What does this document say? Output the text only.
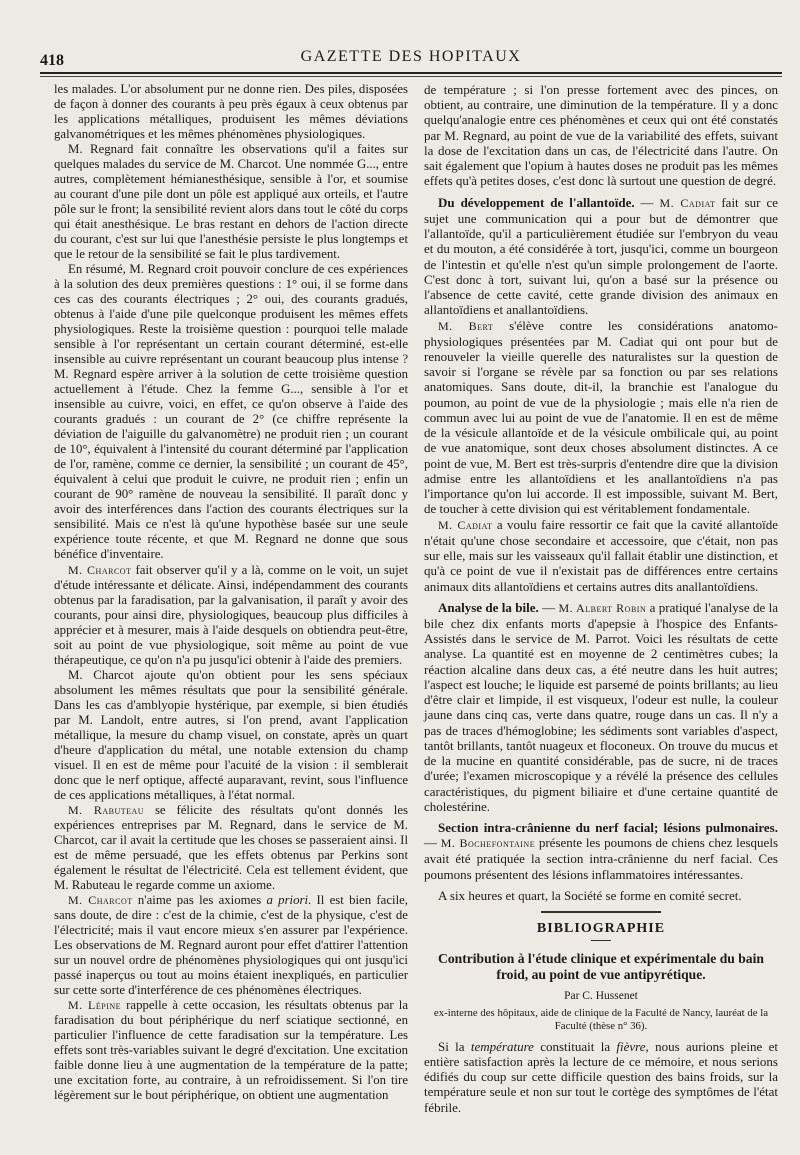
418	GAZETTE DES HOPITAUX

les malades. L'or absolument pur ne donne rien. Des piles, disposées de façon à donner des courants à peu près égaux à ceux obtenus par les applications métalliques, produisent les mêmes déviations galvanométriques et les mêmes phénomènes physiologiques.

M. Regnard fait connaître les observations qu'il a faites sur quelques malades du service de M. Charcot. Une nommée G..., entre autres, complètement hémianesthésique, sensible à l'or, et soumise au courant d'une pile dont un pôle est appliqué aux orteils, et l'autre pôle sur le front; la sensibilité revient alors dans tout le côté du corps qui était anesthésique. Le bras restant en dehors de l'action directe du courant, c'est sur lui que l'anesthésie persiste le plus longtemps et que le retour de la sensibilité se fait le plus tardivement.

En résumé, M. Regnard croit pouvoir conclure de ces expériences à la solution des deux premières questions : 1° oui, il se forme dans ces cas des courants électriques ; 2° oui, des courants gradués, obtenus à l'aide d'une pile quelconque produisent les mêmes effets physiologiques. Reste la troisième question : pourquoi telle malade sensible à l'or représentant un certain courant déterminé, est-elle insensible au cuivre représentant un courant beaucoup plus intense ? M. Regnard espère arriver à la solution de cette troisième question actuellement à l'étude. Chez la femme G..., sensible à l'or et insensible au cuivre, voici, en effet, ce qu'on observe à l'aide des courants gradués : un courant de 2° (ce chiffre représente la déviation de l'aiguille du galvanomètre) ne produit rien ; un courant de 10°, équivalent à l'intensité du courant déterminé par l'application de l'or, ramène, comme ce dernier, la sensibilité ; un courant de 45°, équivalent à celui que produit le cuivre, ne produit rien ; enfin un courant de 90° ramène de nouveau la sensibilité. Il paraît donc y avoir des interférences dans l'action des courants électriques sur la sensibilité. Mais ce n'est là qu'une hypothèse basée sur une seule expérience toute récente, et que M. Regnard ne donne que sous bénéfice d'inventaire.

M. Charcot fait observer qu'il y a là, comme on le voit, un sujet d'étude intéressante et délicate. Ainsi, indépendamment des courants obtenus par la faradisation, par la galvanisation, il paraît y avoir des courants, pour ainsi dire, physiologiques, beaucoup plus difficiles à apprécier et à mesurer, mais à l'aide desquels on obtiendra peut-être, soit au point de vue physiologique, soit même au point de vue thérapeutique, ce qu'on n'a pu jusqu'ici obtenir à l'aide des premiers.

M. Charcot ajoute qu'on obtient pour les sens spéciaux absolument les mêmes résultats que pour la sensibilité générale. Dans les cas d'amblyopie hystérique, par exemple, si bien étudiés par M. Landolt, entre autres, si l'on prend, avant l'application métallique, la mesure du champ visuel, on constate, après un quart d'heure d'application du métal, une notable extension du champ visuel. Il en est de même pour l'acuité de la vision : il semblerait donc que le nerf optique, affecté auparavant, revint, sous l'influence de ces applications métalliques, à l'état normal.

M. Rabuteau se félicite des résultats qu'ont donnés les expériences entreprises par M. Regnard, dans le service de M. Charcot, car il avait la certitude que les choses se passeraient ainsi. Il est de même persuadé, que les effets obtenus par Perkins sont également le résultat de l'électricité. Cela est tellement évident, que M. Rabuteau le regarde comme un axiome.

M. Charcot n'aime pas les axiomes a priori. Il est bien facile, sans doute, de dire : c'est de la chimie, c'est de la physique, c'est de l'électricité; mais il vaut encore mieux s'en assurer par l'expérience. Les observations de M. Regnard auront pour effet d'attirer l'attention sur un nouvel ordre de phénomènes physiologiques qui ont jusqu'ici passé inaperçus ou tout au moins étaient inexpliqués, en particulier sur cette sorte d'interférence de ces phénomènes électriques.

M. Lépine rappelle à cette occasion, les résultats obtenus par la faradisation du bout périphérique du nerf sciatique sectionné, en particulier l'influence de cette faradisation sur la température. Les effets sont très-variables suivant le degré d'excitation. Une excitation faible donne lieu à une augmentation de la température de la patte; une excitation forte, au contraire, à un refroidissement. Si l'on tire légèrement sur le bout périphérique, on obtient une augmentation

de température ; si l'on presse fortement avec des pinces, on obtient, au contraire, une diminution de la température. Il y a donc quelqu'analogie entre ces phénomènes et ceux qui ont été constatés par M. Regnard, au point de vue de la variabilité des effets, suivant la dose de l'excitation dans un cas, de l'électricité dans l'autre. On sait également que l'opium à hautes doses ne produit pas les mêmes effets qu'à petites doses, c'est donc là surtout une question de degré.

Du développement de l'allantoïde. — M. Cadiat fait sur ce sujet une communication qui a pour but de démontrer que l'allantoïde, qu'il a particulièrement étudiée sur l'embryon du veau et du mouton, a été considérée à tort, jusqu'ici, comme un bourgeon de l'intestin et qu'elle n'est qu'un simple prolongement de l'aorte. C'est donc à tort, suivant lui, qu'on a basé sur la présence ou l'absence de cette cavité, cette grande division des animaux en allantoïdiens et anallantoïdiens.

M. Bert s'élève contre les considérations anatomo-physiologiques présentées par M. Cadiat qui ont pour but de renouveler la vieille querelle des naturalistes sur la question de savoir si l'organe se révèle par sa fonction ou par ses relations anatomiques. Sans doute, dit-il, la branchie est l'analogue du poumon, au point de vue de la physiologie ; mais elle n'a rien de commun avec lui au point de vue de l'anatomie. Il en est de même de la vésicule allantoïde et de la vésicule ombilicale qui, au point de vue anatomique, sont deux choses absolument distinctes. A ce point de vue, M. Bert est très-surpris d'entendre dire que la division admise entre les allantoïdiens et les anallantoïdiens n'a pas l'importance qu'on lui accorde. Il est impossible, suivant M. Bert, de toucher à cette division qui est véritablement fondamentale.

M. Cadiat a voulu faire ressortir ce fait que la cavité allantoïde n'était qu'une chose secondaire et accessoire, que c'était, non pas sur elle, mais sur les vaisseaux qu'il fallait établir une distinction, et qu'à ce point de vue il n'existait pas de différences entre certains animaux dits allantoïdiens et certains autres dits anallantoïdiens.

Analyse de la bile. — M. Albert Robin a pratiqué l'analyse de la bile chez dix enfants morts d'apepsie à l'hospice des Enfants-Assistés dans le service de M. Parrot. Voici les résultats de cette analyse. La quantité est en moyenne de 2 centimètres cubes; la réaction alcaline dans deux cas, a été neutre dans les huit autres; l'aspect est louche; le liquide est parsemé de points brillants; au lieu d'être clair et limpide, il est visqueux, l'odeur est nulle, la couleur jaune dans cinq cas, verte dans quatre, rouge dans un cas. Il n'y a pas de traces d'hémoglobine; les sédiments sont variables d'aspect, tantôt brillants, tantôt nuageux et floconeux. On trouve du mucus et de la mucine en quantité considérable, pas de sucre, ni de traces d'urée; l'examen microscopique y a révélé la présence des cellules caractéristiques, du pigment biliaire et d'une certaine quantité de cholestérine.

Section intra-crânienne du nerf facial; lésions pulmonaires. — M. Bochefontaine présente les poumons de chiens chez lesquels avait été pratiquée la section intra-crânienne du nerf facial. Ces poumons présentent des lésions inflammatoires intéressantes.

A six heures et quart, la Société se forme en comité secret.

BIBLIOGRAPHIE
Contribution à l'étude clinique et expérimentale du bain froid, au point de vue antipyrétique.
Par C. Hussenet
ex-interne des hôpitaux, aide de clinique de la Faculté de Nancy, lauréat de la Faculté (thèse n° 36).

Si la température constituait la fièvre, nous aurions pleine et entière satisfaction après la lecture de ce mémoire, et nous serions édifiés du coup sur cette difficile question des bains froids, sur la température seule et non sur tout le cortège des symptômes de l'état fébrile.
